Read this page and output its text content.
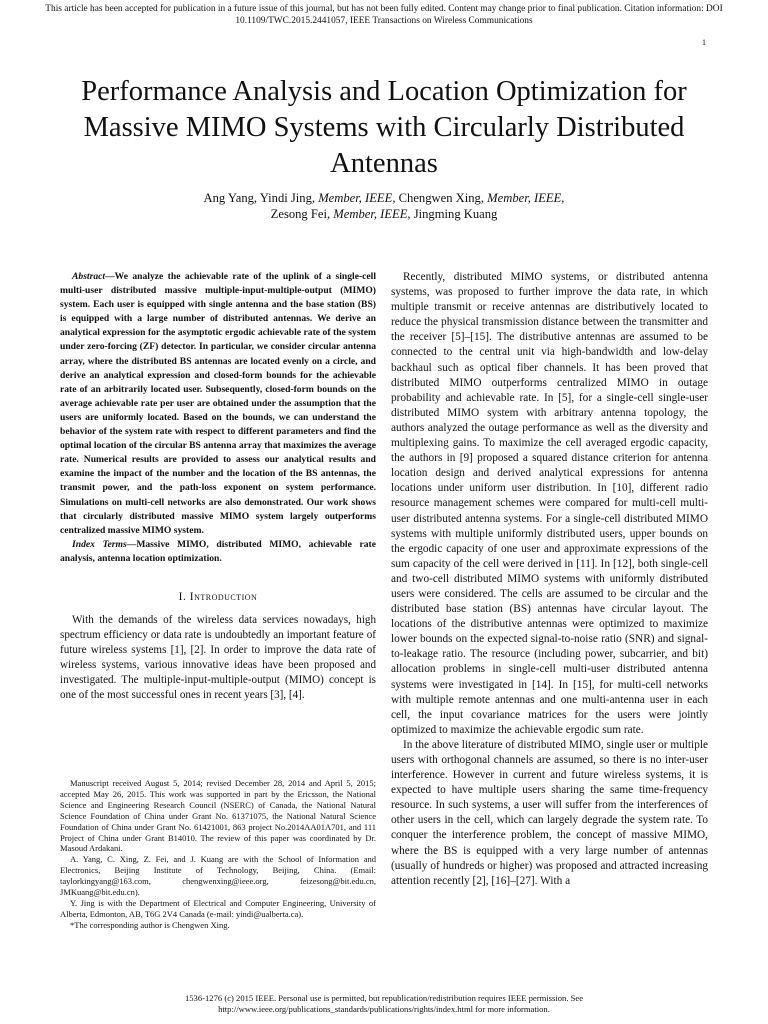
This article has been accepted for publication in a future issue of this journal, but has not been fully edited. Content may change prior to final publication. Citation information: DOI
10.1109/TWC.2015.2441057, IEEE Transactions on Wireless Communications
1
Performance Analysis and Location Optimization for Massive MIMO Systems with Circularly Distributed Antennas
Ang Yang, Yindi Jing, Member, IEEE, Chengwen Xing, Member, IEEE,
Zesong Fei, Member, IEEE, Jingming Kuang

Abstract—We analyze the achievable rate of the uplink of a single-cell multi-user distributed massive multiple-input-multiple-output (MIMO) system. Each user is equipped with single antenna and the base station (BS) is equipped with a large number of distributed antennas. We derive an analytical expression for the asymptotic ergodic achievable rate of the system under zero-forcing (ZF) detector. In particular, we consider circular antenna array, where the distributed BS antennas are located evenly on a circle, and derive an analytical expression and closed-form bounds for the achievable rate of an arbitrarily located user. Subsequently, closed-form bounds on the average achievable rate per user are obtained under the assumption that the users are uniformly located. Based on the bounds, we can understand the behavior of the system rate with respect to different parameters and find the optimal location of the circular BS antenna array that maximizes the average rate. Numerical results are provided to assess our analytical results and examine the impact of the number and the location of the BS antennas, the transmit power, and the path-loss exponent on system performance. Simulations on multi-cell networks are also demonstrated. Our work shows that circularly distributed massive MIMO system largely outperforms centralized massive MIMO system.

Index Terms—Massive MIMO, distributed MIMO, achievable rate analysis, antenna location optimization.

I. Introduction

With the demands of the wireless data services nowadays, high spectrum efficiency or data rate is undoubtedly an important feature of future wireless systems [1], [2]. In order to improve the data rate of wireless systems, various innovative ideas have been proposed and investigated. The multiple-input-multiple-output (MIMO) concept is one of the most successful ones in recent years [3], [4].

Manuscript received August 5, 2014; revised December 28, 2014 and April 5, 2015; accepted May 26, 2015. This work was supported in part by the Ericsson, the National Science and Engineering Research Council (NSERC) of Canada, the National Natural Science Foundation of China under Grant No. 61371075, the National Natural Science Foundation of China under Grant No. 61421001, 863 project No.2014AA01A701, and 111 Project of China under Grant B14010. The review of this paper was coordinated by Dr. Masoud Ardakani.

A. Yang, C. Xing, Z. Fei, and J. Kuang are with the School of Information and Electronics, Beijing Institute of Technology, Beijing, China. (Email: taylorkingyang@163.com, chengwenxing@ieee.org, feizesong@bit.edu.cn, JMKuang@bit.edu.cn).

Y. Jing is with the Department of Electrical and Computer Engineering, University of Alberta, Edmonton, AB, T6G 2V4 Canada (e-mail: yindi@ualberta.ca).

*The corresponding author is Chengwen Xing.

Recently, distributed MIMO systems, or distributed antenna systems, was proposed to further improve the data rate, in which multiple transmit or receive antennas are distributively located to reduce the physical transmission distance between the transmitter and the receiver [5]–[15]. The distributive antennas are assumed to be connected to the central unit via high-bandwidth and low-delay backhaul such as optical fiber channels. It has been proved that distributed MIMO outperforms centralized MIMO in outage probability and achievable rate. In [5], for a single-cell single-user distributed MIMO system with arbitrary antenna topology, the authors analyzed the outage performance as well as the diversity and multiplexing gains. To maximize the cell averaged ergodic capacity, the authors in [9] proposed a squared distance criterion for antenna location design and derived analytical expressions for antenna locations under uniform user distribution. In [10], different radio resource management schemes were compared for multi-cell multi-user distributed antenna systems. For a single-cell distributed MIMO systems with multiple uniformly distributed users, upper bounds on the ergodic capacity of one user and approximate expressions of the sum capacity of the cell were derived in [11]. In [12], both single-cell and two-cell distributed MIMO systems with uniformly distributed users were considered. The cells are assumed to be circular and the distributed base station (BS) antennas have circular layout. The locations of the distributive antennas were optimized to maximize lower bounds on the expected signal-to-noise ratio (SNR) and signal-to-leakage ratio. The resource (including power, subcarrier, and bit) allocation problems in single-cell multi-user distributed antenna systems were investigated in [14]. In [15], for multi-cell networks with multiple remote antennas and one multi-antenna user in each cell, the input covariance matrices for the users were jointly optimized to maximize the achievable ergodic sum rate.

In the above literature of distributed MIMO, single user or multiple users with orthogonal channels are assumed, so there is no inter-user interference. However in current and future wireless systems, it is expected to have multiple users sharing the same time-frequency resource. In such systems, a user will suffer from the interferences of other users in the cell, which can largely degrade the system rate. To conquer the interference problem, the concept of massive MIMO, where the BS is equipped with a very large number of antennas (usually of hundreds or higher) was proposed and attracted increasing attention recently [2], [16]–[27]. With a

1536-1276 (c) 2015 IEEE. Personal use is permitted, but republication/redistribution requires IEEE permission. See
http://www.ieee.org/publications_standards/publications/rights/index.html for more information.
